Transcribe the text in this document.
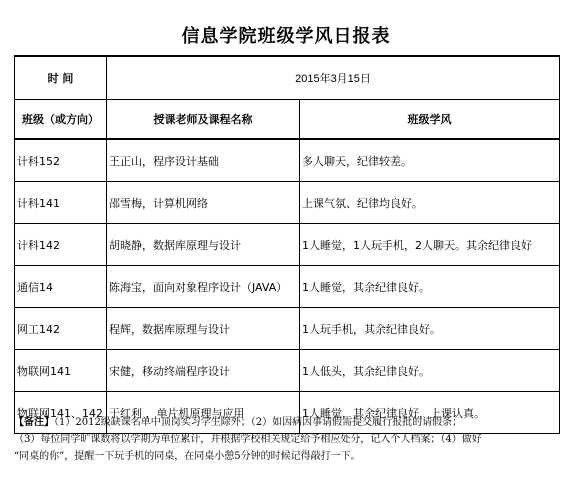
信息学院班级学风日报表
时 间	2015年3月15日	
班级（或方向）	授课老师及课程名称	班级学风
计科152	王正山，程序设计基础	多人聊天，纪律较差。
计科141	邵雪梅，计算机网络	上课气氛、纪律均良好。
计科142	胡晓静，数据库原理与设计	1人睡觉，1人玩手机，2人聊天。其余纪律良好
通信14	陈海宝，面向对象程序设计（JAVA）	1人睡觉，其余纪律良好。
网工142	程辉，数据库原理与设计	1人玩手机，其余纪律良好。
物联网141	宋健，移动终端程序设计	1人低头，其余纪律良好。
物联网141、142	于红利 ，单片机原理与应用	1人睡觉，其余纪律良好，上课认真。
【备注】（1）2012级缺课名单中顶岗实习学生除外；（2）如因病因事请假需提交履行报批的请假条；
（3）每位同学旷课数将以学期为单位累计，并根据学校相关规定给予相应处分，记入个人档案；（4）做好
“同桌的你”，提醒一下玩手机的同桌，在同桌小憩5分钟的时候记得敲打一下。
